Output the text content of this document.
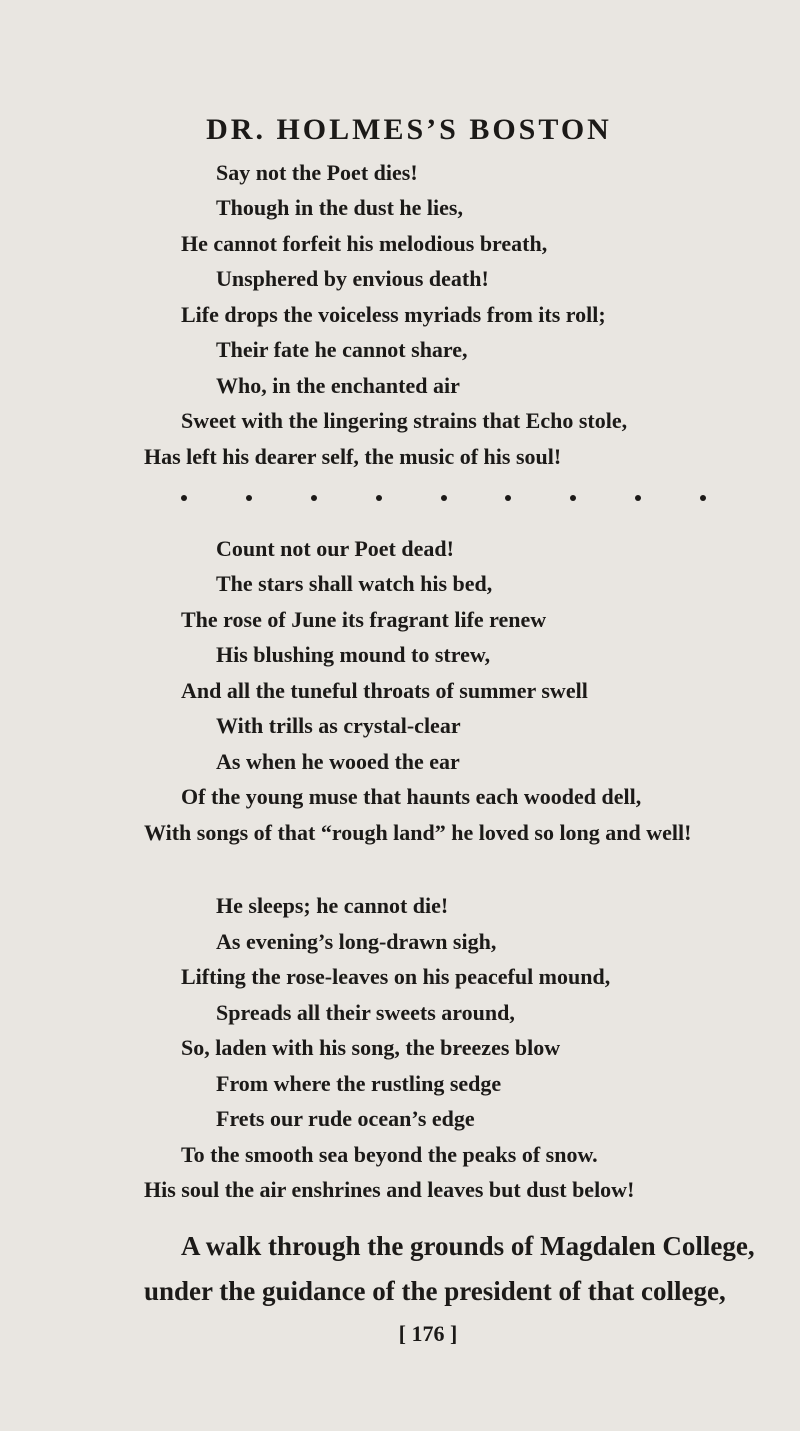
DR. HOLMES’S BOSTON
Say not the Poet dies!
Though in the dust he lies,
He cannot forfeit his melodious breath,
Unsphered by envious death!
Life drops the voiceless myriads from its roll;
Their fate he cannot share,
Who, in the enchanted air
Sweet with the lingering strains that Echo stole,
Has left his dearer self, the music of his soul!
Count not our Poet dead!
The stars shall watch his bed,
The rose of June its fragrant life renew
His blushing mound to strew,
And all the tuneful throats of summer swell
With trills as crystal-clear
As when he wooed the ear
Of the young muse that haunts each wooded dell,
With songs of that “rough land” he loved so long and well!
He sleeps; he cannot die!
As evening’s long-drawn sigh,
Lifting the rose-leaves on his peaceful mound,
Spreads all their sweets around,
So, laden with his song, the breezes blow
From where the rustling sedge
Frets our rude ocean’s edge
To the smooth sea beyond the peaks of snow.
His soul the air enshrines and leaves but dust below!
A walk through the grounds of Magdalen College,
under the guidance of the president of that college,
[ 176 ]
